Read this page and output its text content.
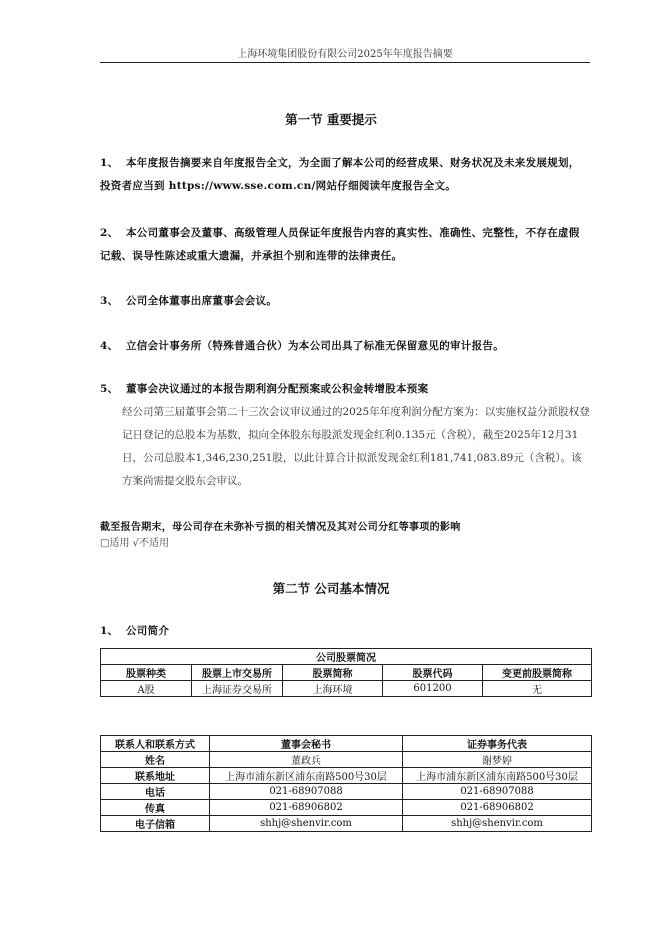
上海环境集团股份有限公司2025年年度报告摘要
第一节 重要提示
1、 本年度报告摘要来自年度报告全文，为全面了解本公司的经营成果、财务状况及未来发展规划，投资者应当到 https://www.sse.com.cn/网站仔细阅读年度报告全文。
2、 本公司董事会及董事、高级管理人员保证年度报告内容的真实性、准确性、完整性，不存在虚假记载、误导性陈述或重大遗漏，并承担个别和连带的法律责任。
3、 公司全体董事出席董事会会议。
4、 立信会计事务所（特殊普通合伙）为本公司出具了标准无保留意见的审计报告。
5、 董事会决议通过的本报告期利润分配预案或公积金转增股本预案
经公司第三届董事会第二十三次会议审议通过的2025年年度利润分配方案为：以实施权益分派股权登记日登记的总股本为基数，拟向全体股东每股派发现金红利0.135元（含税），截至2025年12月31日，公司总股本1,346,230,251股，以此计算合计拟派发现金红利181,741,083.89元（含税）。该方案尚需提交股东会审议。
截至报告期末，母公司存在未弥补亏损的相关情况及其对公司分红等事项的影响
□适用 √不适用
第二节 公司基本情况
1、 公司简介
公司股票简况				
股票种类	股票上市交易所	股票简称	股票代码	变更前股票简称
A股	上海证券交易所	上海环境	601200	无
联系人和联系方式	董事会秘书	证券事务代表
姓名	董政兵	谢梦婷
联系地址	上海市浦东新区浦东南路500号30层	上海市浦东新区浦东南路500号30层
电话	021-68907088	021-68907088
传真	021-68906802	021-68906802
电子信箱	shhj@shenvir.com	shhj@shenvir.com
